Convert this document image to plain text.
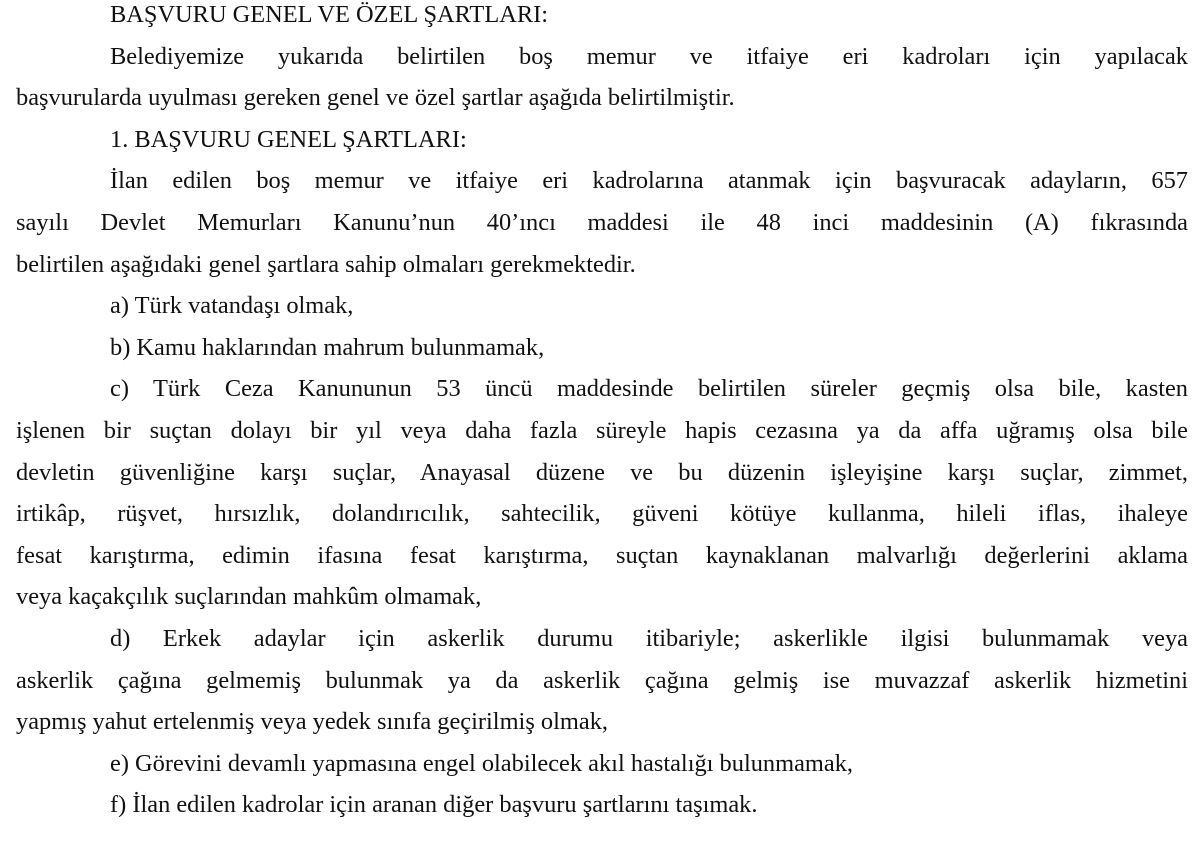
BAŞVURU GENEL VE ÖZEL ŞARTLARI:
Belediyemize yukarıda belirtilen boş memur ve itfaiye eri kadroları için yapılacak
başvurularda uyulması gereken genel ve özel şartlar aşağıda belirtilmiştir.
1. BAŞVURU GENEL ŞARTLARI:
İlan edilen boş memur ve itfaiye eri kadrolarına atanmak için başvuracak adayların, 657
sayılı Devlet Memurları Kanunu’nun 40’ıncı maddesi ile 48 inci maddesinin (A) fıkrasında
belirtilen aşağıdaki genel şartlara sahip olmaları gerekmektedir.
a) Türk vatandaşı olmak,
b) Kamu haklarından mahrum bulunmamak,
c) Türk Ceza Kanununun 53 üncü maddesinde belirtilen süreler geçmiş olsa bile, kasten
işlenen bir suçtan dolayı bir yıl veya daha fazla süreyle hapis cezasına ya da affa uğramış olsa bile
devletin güvenliğine karşı suçlar, Anayasal düzene ve bu düzenin işleyişine karşı suçlar, zimmet,
irtikâp, rüşvet, hırsızlık, dolandırıcılık, sahtecilik, güveni kötüye kullanma, hileli iflas, ihaleye
fesat karıştırma, edimin ifasına fesat karıştırma, suçtan kaynaklanan malvarlığı değerlerini aklama
veya kaçakçılık suçlarından mahkûm olmamak,
d) Erkek adaylar için askerlik durumu itibariyle; askerlikle ilgisi bulunmamak veya
askerlik çağına gelmemiş bulunmak ya da askerlik çağına gelmiş ise muvazzaf askerlik hizmetini
yapmış yahut ertelenmiş veya yedek sınıfa geçirilmiş olmak,
e) Görevini devamlı yapmasına engel olabilecek akıl hastalığı bulunmamak,
f) İlan edilen kadrolar için aranan diğer başvuru şartlarını taşımak.
